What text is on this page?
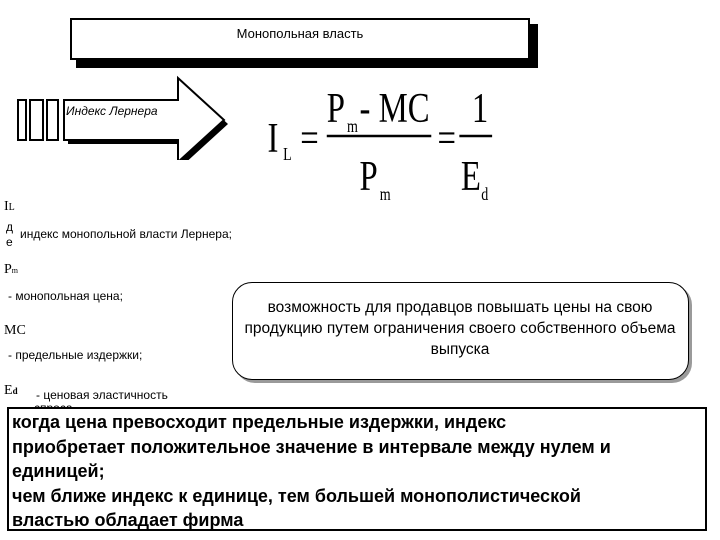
Монопольная власть
Индекс Лернера
I L =
P m - MC
P m
=
1
E d
IL
д
е
индекс монопольной власти Лернера;
Pm
- монопольная цена;
MC
- предельные издержки;
Ed - ценовая эластичность
возможность для продавцов повышать цены на свою продукцию путем ограничения своего собственного объема выпуска
когда цена превосходит предельные издержки, индекс
приобретает положительное значение в интервале между нулем и
единицей;
чем ближе индекс к единице, тем большей монополистической
властью обладает фирма
